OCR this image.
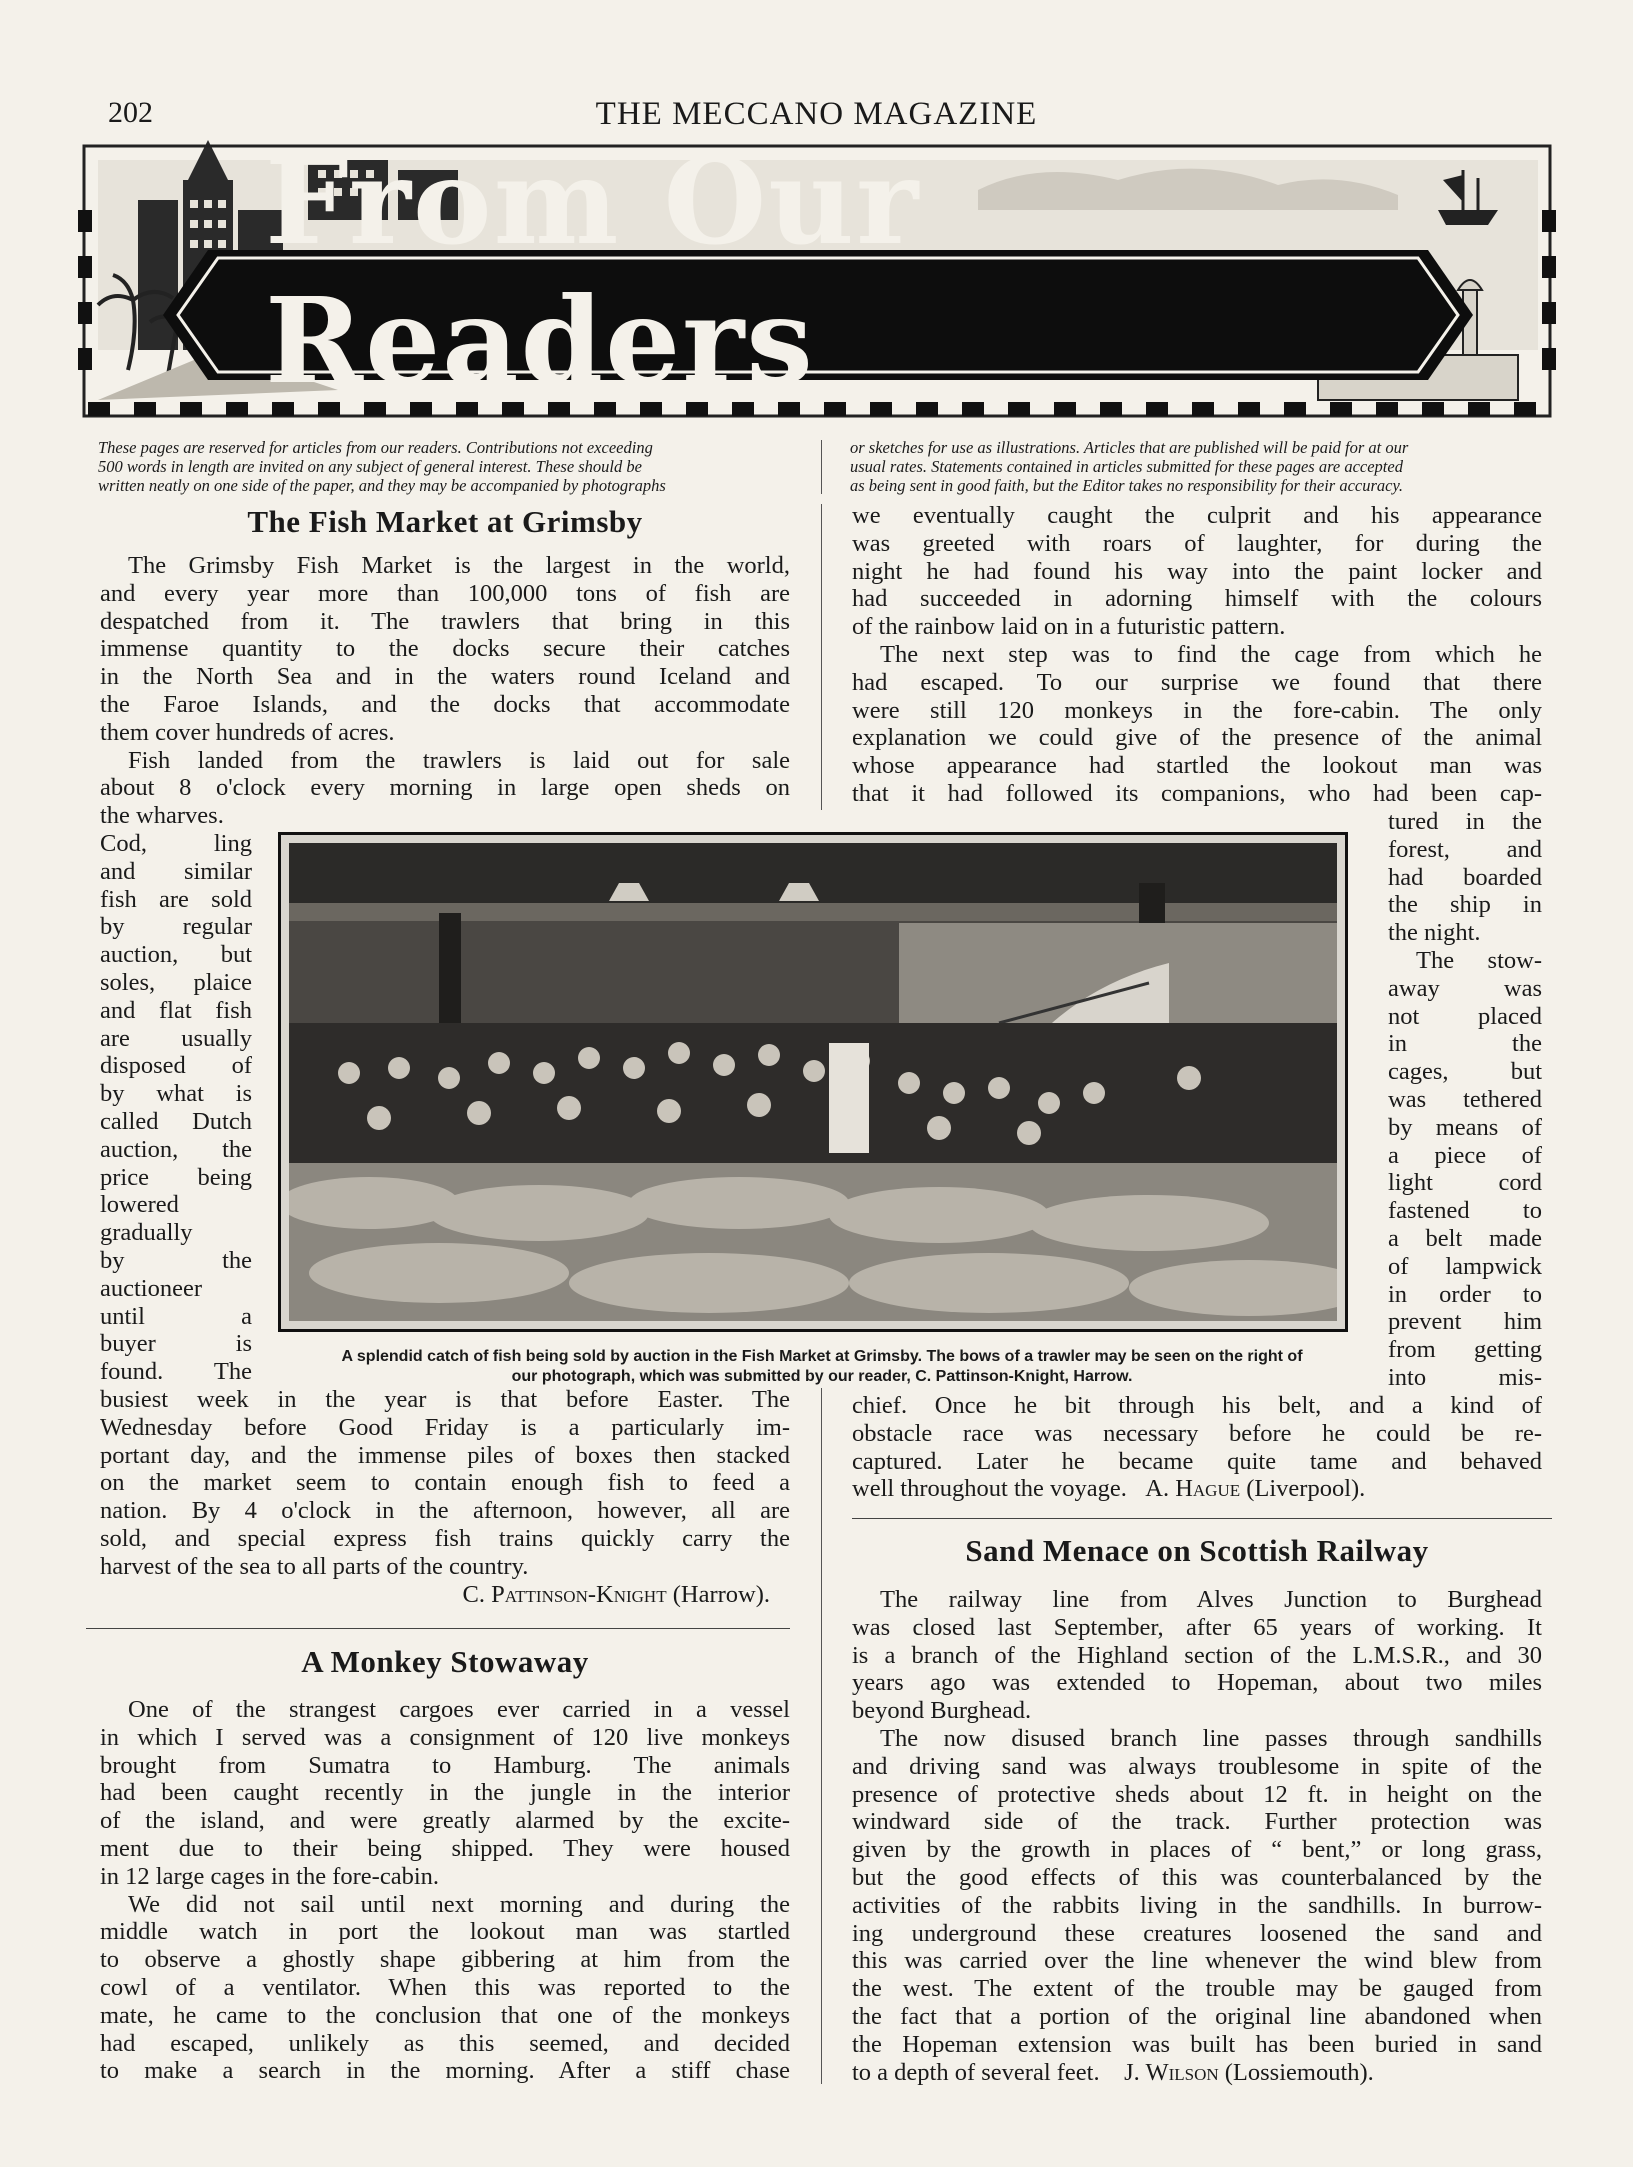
202	THE MECCANO MAGAZINE
From Our Readers
These pages are reserved for articles from our readers. Contributions not exceeding
500 words in length are invited on any subject of general interest. These should be
written neatly on one side of the paper, and they may be accompanied by photographs
or sketches for use as illustrations. Articles that are published will be paid for at our
usual rates. Statements contained in articles submitted for these pages are accepted
as being sent in good faith, but the Editor takes no responsibility for their accuracy.
The Fish Market at Grimsby

The Grimsby Fish Market is the largest in the world,

and every year more than 100,000 tons of fish are

despatched from it. The trawlers that bring in this

immense quantity to the docks secure their catches

in the North Sea and in the waters round Iceland and

the Faroe Islands, and the docks that accommodate

them cover hundreds of acres.

Fish landed from the trawlers is laid out for sale

about 8 o'clock every morning in large open sheds on

the wharves.

Cod, ling

and similar

fish are sold

by regular

auction, but

soles, plaice

and flat fish

are usually

disposed of

by what is

called Dutch

auction, the

price being

lowered

gradually

by the

auctioneer

until a

buyer is

found. The

busiest week in the year is that before Easter. The

Wednesday before Good Friday is a particularly im-

portant day, and the immense piles of boxes then stacked

on the market seem to contain enough fish to feed a

nation. By 4 o'clock in the afternoon, however, all are

sold, and special express fish trains quickly carry the

harvest of the sea to all parts of the country.

C. Pattinson-Knight (Harrow).

A Monkey Stowaway

One of the strangest cargoes ever carried in a vessel

in which I served was a consignment of 120 live monkeys

brought from Sumatra to Hamburg. The animals

had been caught recently in the jungle in the interior

of the island, and were greatly alarmed by the excite-

ment due to their being shipped. They were housed

in 12 large cages in the fore-cabin.

We did not sail until next morning and during the

middle watch in port the lookout man was startled

to observe a ghostly shape gibbering at him from the

cowl of a ventilator. When this was reported to the

mate, he came to the conclusion that one of the monkeys

had escaped, unlikely as this seemed, and decided

to make a search in the morning. After a stiff chase

we eventually caught the culprit and his appearance

was greeted with roars of laughter, for during the

night he had found his way into the paint locker and

had succeeded in adorning himself with the colours

of the rainbow laid on in a futuristic pattern.

The next step was to find the cage from which he

had escaped. To our surprise we found that there

were still 120 monkeys in the fore-cabin. The only

explanation we could give of the presence of the animal

whose appearance had startled the lookout man was

that it had followed its companions, who had been cap-

tured in the

forest, and

had boarded

the ship in

the night.

The stow-

away was

not placed

in the

cages, but

was tethered

by means of

a piece of

light cord

fastened to

a belt made

of lampwick

in order to

prevent him

from getting

into mis-

chief. Once he bit through his belt, and a kind of

obstacle race was necessary before he could be re-

captured. Later he became quite tame and behaved

well throughout the voyage. A. Hague (Liverpool).

Sand Menace on Scottish Railway

The railway line from Alves Junction to Burghead

was closed last September, after 65 years of working. It

is a branch of the Highland section of the L.M.S.R., and 30

years ago was extended to Hopeman, about two miles

beyond Burghead.

The now disused branch line passes through sandhills

and driving sand was always troublesome in spite of the

presence of protective sheds about 12 ft. in height on the

windward side of the track. Further protection was

given by the growth in places of “ bent,” or long grass,

but the good effects of this was counterbalanced by the

activities of the rabbits living in the sandhills. In burrow-

ing underground these creatures loosened the sand and

this was carried over the line whenever the wind blew from

the west. The extent of the trouble may be gauged from

the fact that a portion of the original line abandoned when

the Hopeman extension was built has been buried in sand

to a depth of several feet. J. Wilson (Lossiemouth).

A splendid catch of fish being sold by auction in the Fish Market at Grimsby. The bows of a trawler may be seen on the right of
our photograph, which was submitted by our reader, C. Pattinson-Knight, Harrow.
